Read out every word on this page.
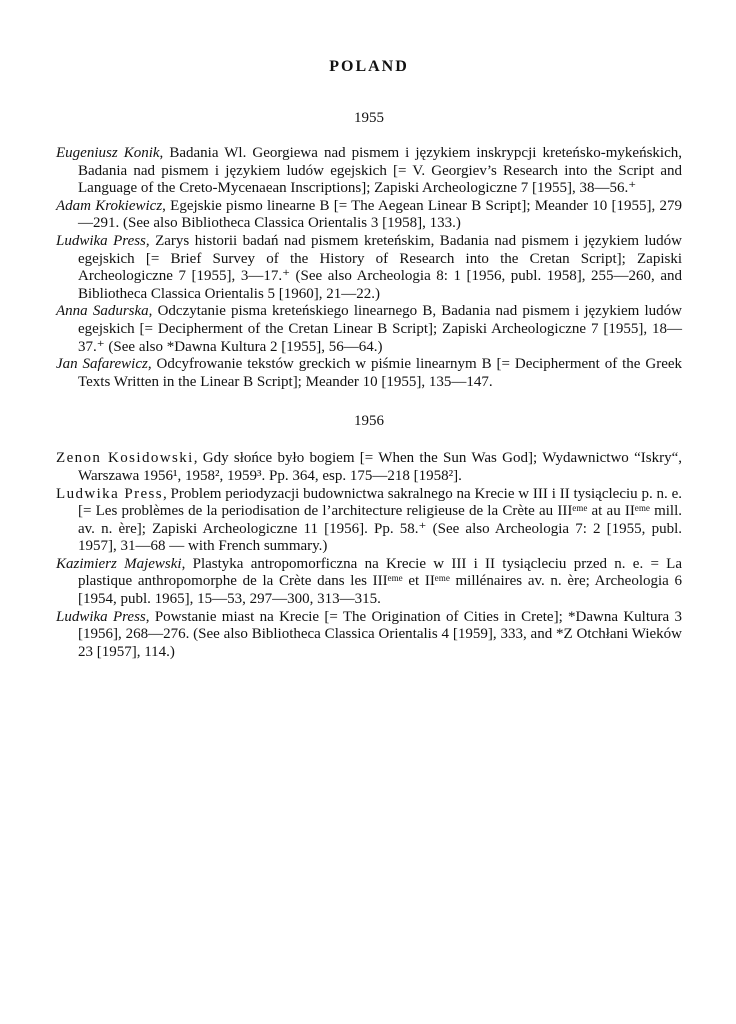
POLAND
1955

Eugeniusz Konik, Badania Wl. Georgiewa nad pismem i językiem inskrypcji kreteńsko-mykeńskich, Badania nad pismem i językiem ludów egejskich [= V. Georgiev’s Research into the Script and Language of the Creto-Mycenaean Inscriptions]; Zapiski Archeologiczne 7 [1955], 38—56.⁺

Adam Krokiewicz, Egejskie pismo linearne B [= The Aegean Linear B Script]; Meander 10 [1955], 279—291. (See also Bibliotheca Classica Orientalis 3 [1958], 133.)

Ludwika Press, Zarys historii badań nad pismem kreteńskim, Badania nad pismem i językiem ludów egejskich [= Brief Survey of the History of Research into the Cretan Script]; Zapiski Archeologiczne 7 [1955], 3—17.⁺ (See also Archeologia 8: 1 [1956, publ. 1958], 255—260, and Bibliotheca Classica Orientalis 5 [1960], 21—22.)

Anna Sadurska, Odczytanie pisma kreteńskiego linearnego B, Badania nad pismem i językiem ludów egejskich [= Decipherment of the Cretan Linear B Script]; Zapiski Archeologiczne 7 [1955], 18—37.⁺ (See also *Dawna Kultura 2 [1955], 56—64.)

Jan Safarewicz, Odcyfrowanie tekstów greckich w piśmie linearnym B [= Decipherment of the Greek Texts Written in the Linear B Script]; Meander 10 [1955], 135—147.

1956

Zenon Kosidowski, Gdy słońce było bogiem [= When the Sun Was God]; Wydawnictwo “Iskry“, Warszawa 1956¹, 1958², 1959³. Pp. 364, esp. 175—218 [1958²].

Ludwika Press, Problem periodyzacji budownictwa sakralnego na Krecie w III i II tysiącleciu p. n. e. [= Les problèmes de la periodisation de l’architecture religieuse de la Crète au IIIᵉᵐᵉ at au IIᵉᵐᵉ mill. av. n. ère]; Zapiski Archeologiczne 11 [1956]. Pp. 58.⁺ (See also Archeologia 7: 2 [1955, publ. 1957], 31—68 — with French summary.)

Kazimierz Majewski, Plastyka antropomorficzna na Krecie w III i II tysiącleciu przed n. e. = La plastique anthropomorphe de la Crète dans les IIIᵉᵐᵉ et IIᵉᵐᵉ millénaires av. n. ère; Archeologia 6 [1954, publ. 1965], 15—53, 297—300, 313—315.

Ludwika Press, Powstanie miast na Krecie [= The Origination of Cities in Crete]; *Dawna Kultura 3 [1956], 268—276. (See also Bibliotheca Classica Orientalis 4 [1959], 333, and *Z Otchłani Wieków 23 [1957], 114.)
